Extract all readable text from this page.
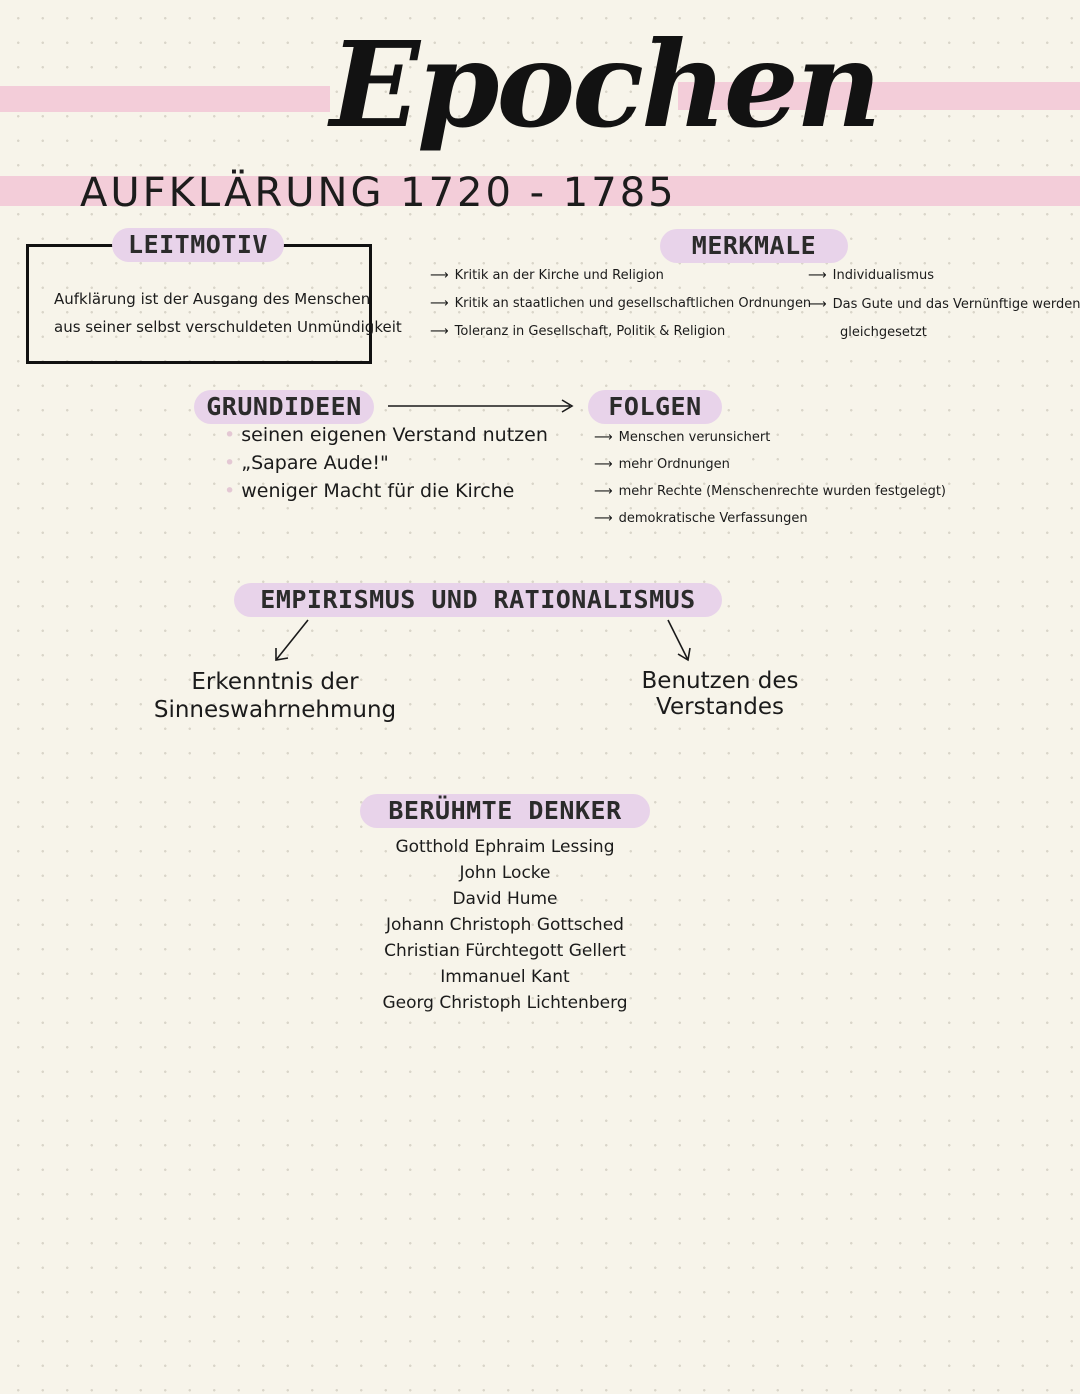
Epochen
AUFKLÄRUNG 1720 - 1785
LEITMOTIV
Aufklärung ist der Ausgang des Menschen
aus seiner selbst verschuldeten Unmündigkeit
MERKMALE
⟶ Kritik an der Kirche und Religion
⟶ Kritik an staatlichen und gesellschaftlichen Ordnungen
⟶ Toleranz in Gesellschaft, Politik & Religion
⟶ Individualismus
⟶ Das Gute und das Vernünftige werden
gleichgesetzt
GRUNDIDEEN
• seinen eigenen Verstand nutzen
• „Sapare Aude!"
• weniger Macht für die Kirche
FOLGEN
⟶ Menschen verunsichert
⟶ mehr Ordnungen
⟶ mehr Rechte (Menschenrechte wurden festgelegt)
⟶ demokratische Verfassungen
EMPIRISMUS UND RATIONALISMUS
Erkenntnis der
Sinneswahrnehmung
Benutzen des
Verstandes
BERÜHMTE DENKER
Gotthold Ephraim Lessing
John Locke
David Hume
Johann Christoph Gottsched
Christian Fürchtegott Gellert
Immanuel Kant
Georg Christoph Lichtenberg
